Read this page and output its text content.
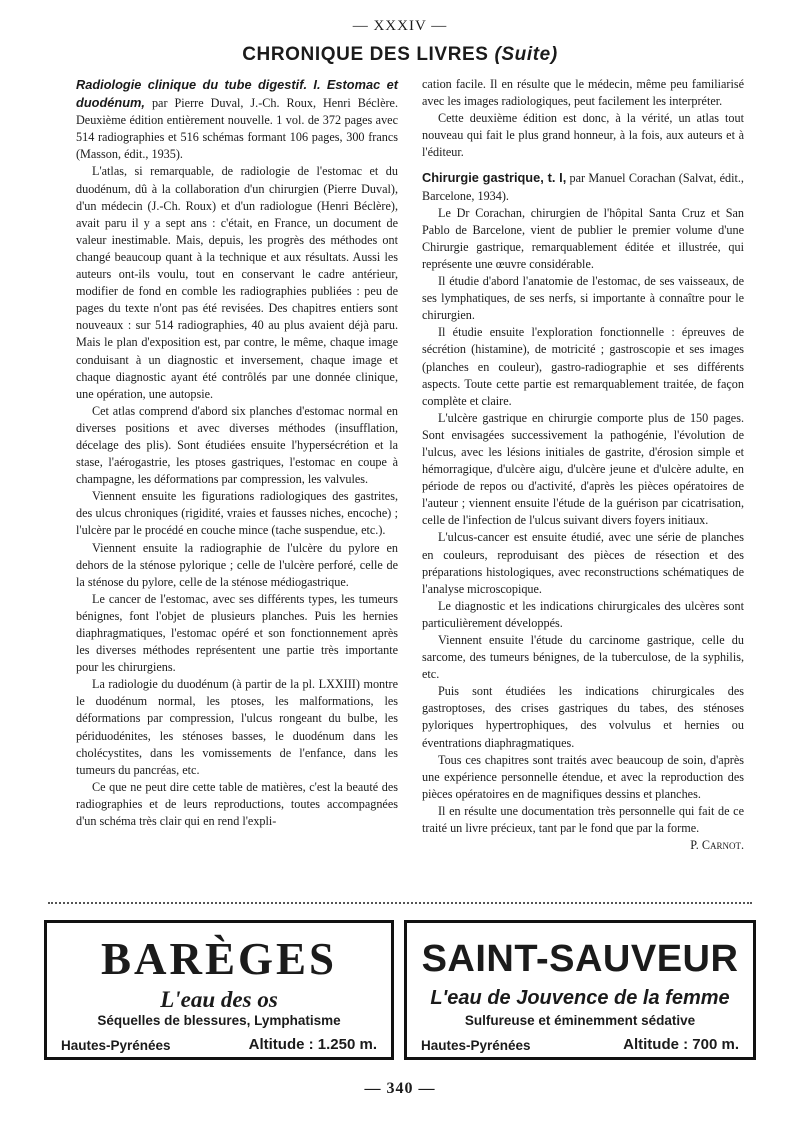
— XXXIV —
CHRONIQUE DES LIVRES (Suite)

Radiologie clinique du tube digestif. I. Estomac et duodénum, par Pierre Duval, J.-Ch. Roux, Henri Béclère. Deuxième édition entièrement nouvelle. 1 vol. de 372 pages avec 514 radiographies et 516 schémas formant 106 pages, 300 francs (Masson, édit., 1935).

L'atlas, si remarquable, de radiologie de l'estomac et du duodénum, dû à la collaboration d'un chirurgien (Pierre Duval), d'un médecin (J.-Ch. Roux) et d'un radiologue (Henri Béclère), avait paru il y a sept ans : c'était, en France, un document de valeur inestimable. Mais, depuis, les progrès des méthodes ont changé beaucoup quant à la technique et aux résultats. Aussi les auteurs ont-ils voulu, tout en conservant le cadre antérieur, modifier de fond en comble les radiographies publiées : peu de pages du texte n'ont pas été revisées. Des chapitres entiers sont nouveaux : sur 514 radiographies, 40 au plus avaient déjà paru. Mais le plan d'exposition est, par contre, le même, chaque image conduisant à un diagnostic et inversement, chaque image et chaque diagnostic ayant été contrôlés par une donnée clinique, une opération, une autopsie.

Cet atlas comprend d'abord six planches d'estomac normal en diverses positions et avec diverses méthodes (insufflation, décelage des plis). Sont étudiées ensuite l'hypersécrétion et la stase, l'aérogastrie, les ptoses gastriques, l'estomac en coupe à champagne, les déformations par compression, les valvules.

Viennent ensuite les figurations radiologiques des gastrites, des ulcus chroniques (rigidité, vraies et fausses niches, encoche) ; l'ulcère par le procédé en couche mince (tache suspendue, etc.).

Viennent ensuite la radiographie de l'ulcère du pylore en dehors de la sténose pylorique ; celle de l'ulcère perforé, celle de la sténose du pylore, celle de la sténose médiogastrique.

Le cancer de l'estomac, avec ses différents types, les tumeurs bénignes, font l'objet de plusieurs planches. Puis les hernies diaphragmatiques, l'estomac opéré et son fonctionnement après les diverses méthodes représentent une partie très importante pour les chirurgiens.

La radiologie du duodénum (à partir de la pl. LXXIII) montre le duodénum normal, les ptoses, les malformations, les déformations par compression, l'ulcus rongeant du bulbe, les périduodénites, les sténoses basses, le duodénum dans les cholécystites, dans les vomissements de l'enfance, dans les tumeurs du pancréas, etc.

Ce que ne peut dire cette table de matières, c'est la beauté des radiographies et de leurs reproductions, toutes accompagnées d'un schéma très clair qui en rend l'expli-

cation facile. Il en résulte que le médecin, même peu familiarisé avec les images radiologiques, peut facilement les interpréter.

Cette deuxième édition est donc, à la vérité, un atlas tout nouveau qui fait le plus grand honneur, à la fois, aux auteurs et à l'éditeur.

Chirurgie gastrique, t. I, par Manuel Corachan (Salvat, édit., Barcelone, 1934).

Le Dr Corachan, chirurgien de l'hôpital Santa Cruz et San Pablo de Barcelone, vient de publier le premier volume d'une Chirurgie gastrique, remarquablement éditée et illustrée, qui représente une œuvre considérable.

Il étudie d'abord l'anatomie de l'estomac, de ses vaisseaux, de ses lymphatiques, de ses nerfs, si importante à connaître pour le chirurgien.

Il étudie ensuite l'exploration fonctionnelle : épreuves de sécrétion (histamine), de motricité ; gastroscopie et ses images (planches en couleur), gastro-radiographie et ses différents aspects. Toute cette partie est remarquablement traitée, de façon complète et claire.

L'ulcère gastrique en chirurgie comporte plus de 150 pages. Sont envisagées successivement la pathogénie, l'évolution de l'ulcus, avec les lésions initiales de gastrite, d'érosion simple et hémorragique, d'ulcère aigu, d'ulcère jeune et d'ulcère adulte, en période de repos ou d'activité, d'après les pièces opératoires de l'auteur ; viennent ensuite l'étude de la guérison par cicatrisation, celle de l'infection de l'ulcus suivant divers foyers initiaux.

L'ulcus-cancer est ensuite étudié, avec une série de planches en couleurs, reproduisant des pièces de résection et des préparations histologiques, avec reconstructions schématiques de l'analyse microscopique.

Le diagnostic et les indications chirurgicales des ulcères sont particulièrement développés.

Viennent ensuite l'étude du carcinome gastrique, celle du sarcome, des tumeurs bénignes, de la tuberculose, de la syphilis, etc.

Puis sont étudiées les indications chirurgicales des gastroptoses, des crises gastriques du tabes, des sténoses pyloriques hypertrophiques, des volvulus et hernies ou éventrations diaphragmatiques.

Tous ces chapitres sont traités avec beaucoup de soin, d'après une expérience personnelle étendue, et avec la reproduction des pièces opératoires en de magnifiques dessins et planches.

Il en résulte une documentation très personnelle qui fait de ce traité un livre précieux, tant par le fond que par la forme.

P. Carnot.

BARÈGES
L'eau des os
Séquelles de blessures, Lymphatisme
Hautes-Pyrénées	Altitude : 1.250 m.
SAINT-SAUVEUR
L'eau de Jouvence de la femme
Sulfureuse et éminemment sédative
Hautes-Pyrénées	Altitude : 700 m.
— 340 —
